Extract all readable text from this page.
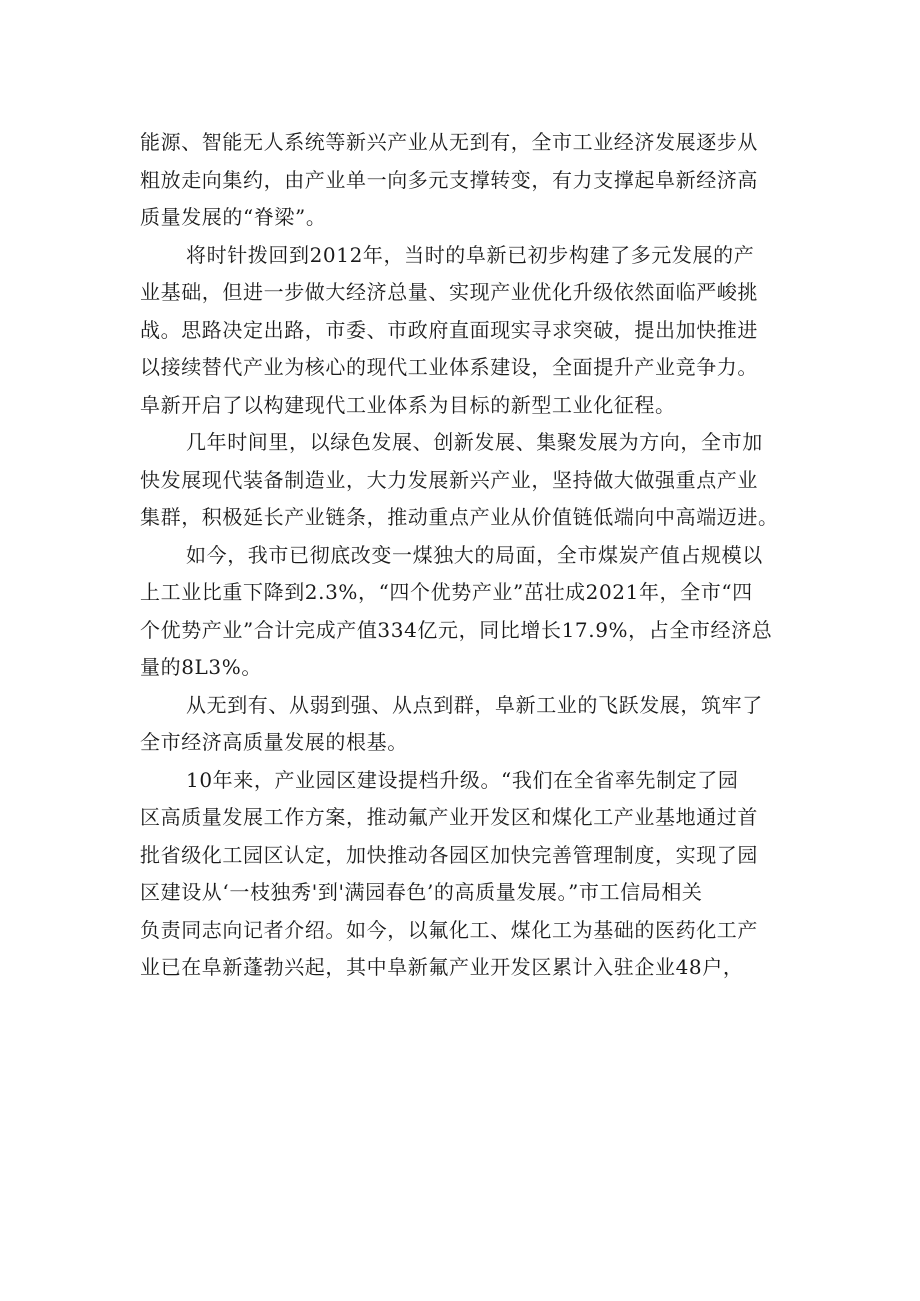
能源、智能无人系统等新兴产业从无到有，全市工业经济发展逐步从
粗放走向集约，由产业单一向多元支撑转变，有力支撑起阜新经济高
质量发展的“脊梁”。
将时针拨回到2012年，当时的阜新已初步构建了多元发展的产
业基础，但进一步做大经济总量、实现产业优化升级依然面临严峻挑
战。思路决定出路，市委、市政府直面现实寻求突破，提出加快推进
以接续替代产业为核心的现代工业体系建设，全面提升产业竞争力。
阜新开启了以构建现代工业体系为目标的新型工业化征程。
几年时间里，以绿色发展、创新发展、集聚发展为方向，全市加
快发展现代装备制造业，大力发展新兴产业，坚持做大做强重点产业
集群，积极延长产业链条，推动重点产业从价值链低端向中高端迈进。
如今，我市已彻底改变一煤独大的局面，全市煤炭产值占规模以
上工业比重下降到2.3%，“四个优势产业”茁壮成2021年，全市“四
个优势产业”合计完成产值334亿元，同比增长17.9%，占全市经济总
量的8L3%。
从无到有、从弱到强、从点到群，阜新工业的飞跃发展，筑牢了
全市经济高质量发展的根基。
10年来，产业园区建设提档升级。“我们在全省率先制定了园
区高质量发展工作方案，推动氟产业开发区和煤化工产业基地通过首
批省级化工园区认定，加快推动各园区加快完善管理制度，实现了园
区建设从‘一枝独秀'到'满园春色’的高质量发展。”市工信局相关
负责同志向记者介绍。如今，以氟化工、煤化工为基础的医药化工产
业已在阜新蓬勃兴起，其中阜新氟产业开发区累计入驻企业48户，
